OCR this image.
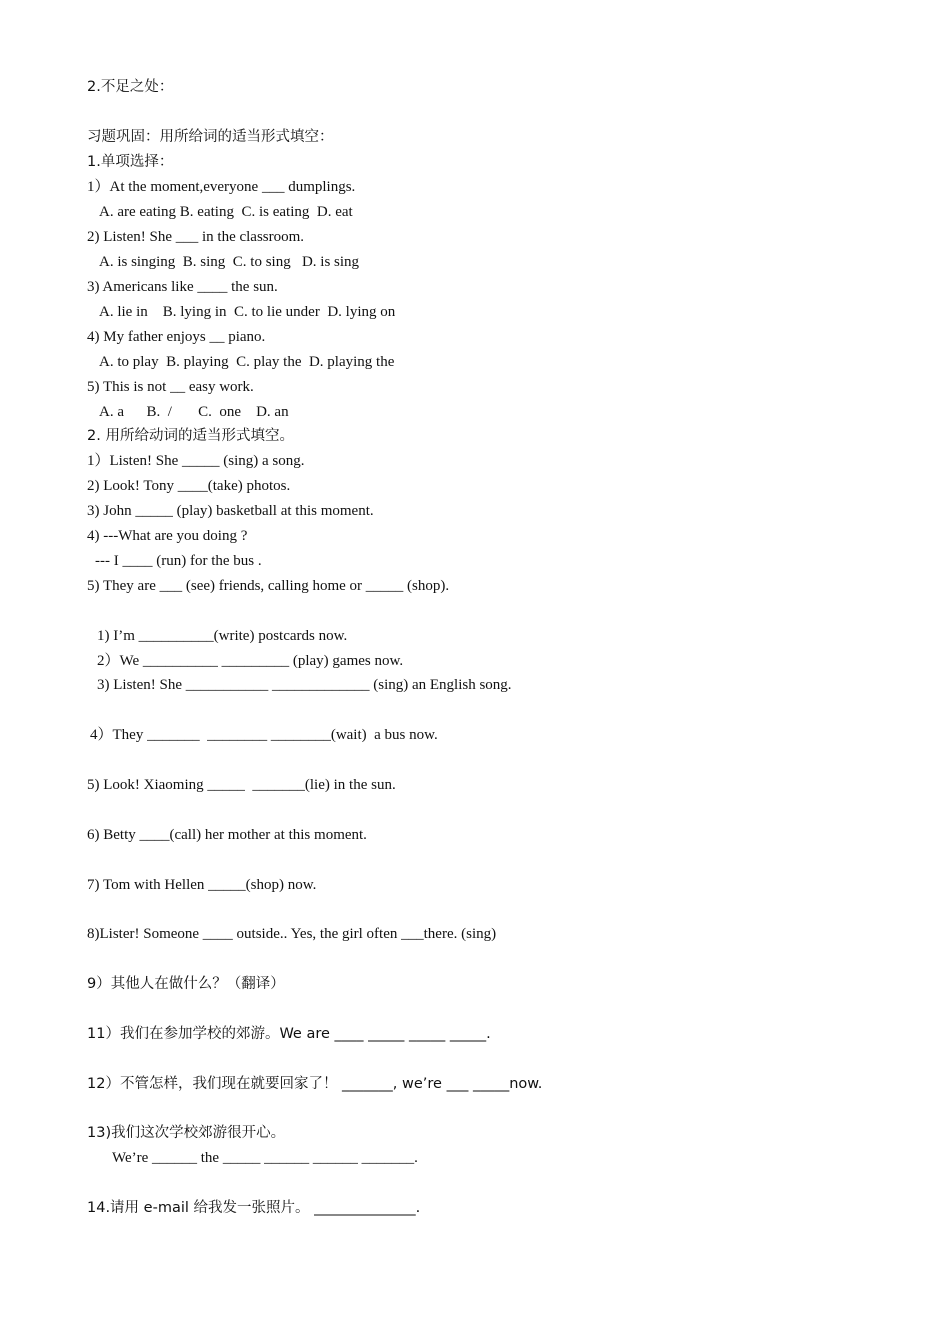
2.不足之处：
习题巩固：用所给词的适当形式填空：
1.单项选择：
1）At the moment,everyone ___ dumplings.
A. are eating B. eating  C. is eating  D. eat
2) Listen! She ___ in the classroom.
A. is singing  B. sing  C. to sing   D. is sing
3) Americans like ____ the sun.
A. lie in    B. lying in  C. to lie under  D. lying on
4) My father enjoys __ piano.
A. to play  B. playing  C. play the  D. playing the
5) This is not __ easy work.
A. a      B.  /       C.  one    D. an
2. 用所给动词的适当形式填空。
1）Listen! She _____ (sing) a song.
2) Look! Tony ____(take) photos.
3) John _____ (play) basketball at this moment.
4) ---What are you doing ?
--- I ____ (run) for the bus .
5) They are ___ (see) friends, calling home or _____ (shop).
1) I’m __________(write) postcards now.
2）We __________ _________ (play) games now.
3) Listen! She ___________ _____________ (sing) an English song.
4）They _______  ________ ________(wait)  a bus now.
5) Look! Xiaoming _____  _______(lie) in the sun.
6) Betty ____(call) her mother at this moment.
7) Tom with Hellen _____(shop) now.
8)Lister! Someone ____ outside.. Yes, the girl often ___there. (sing)
9）其他人在做什么？（翻译）
11）我们在参加学校的郊游。We are ____ _____ _____ _____.
12）不管怎样，我们现在就要回家了！ _______, we’re ___ _____now.
13)我们这次学校郊游很开心。
We’re ______ the _____ ______ ______ _______.
14.请用 e-mail 给我发一张照片。 ______________.
